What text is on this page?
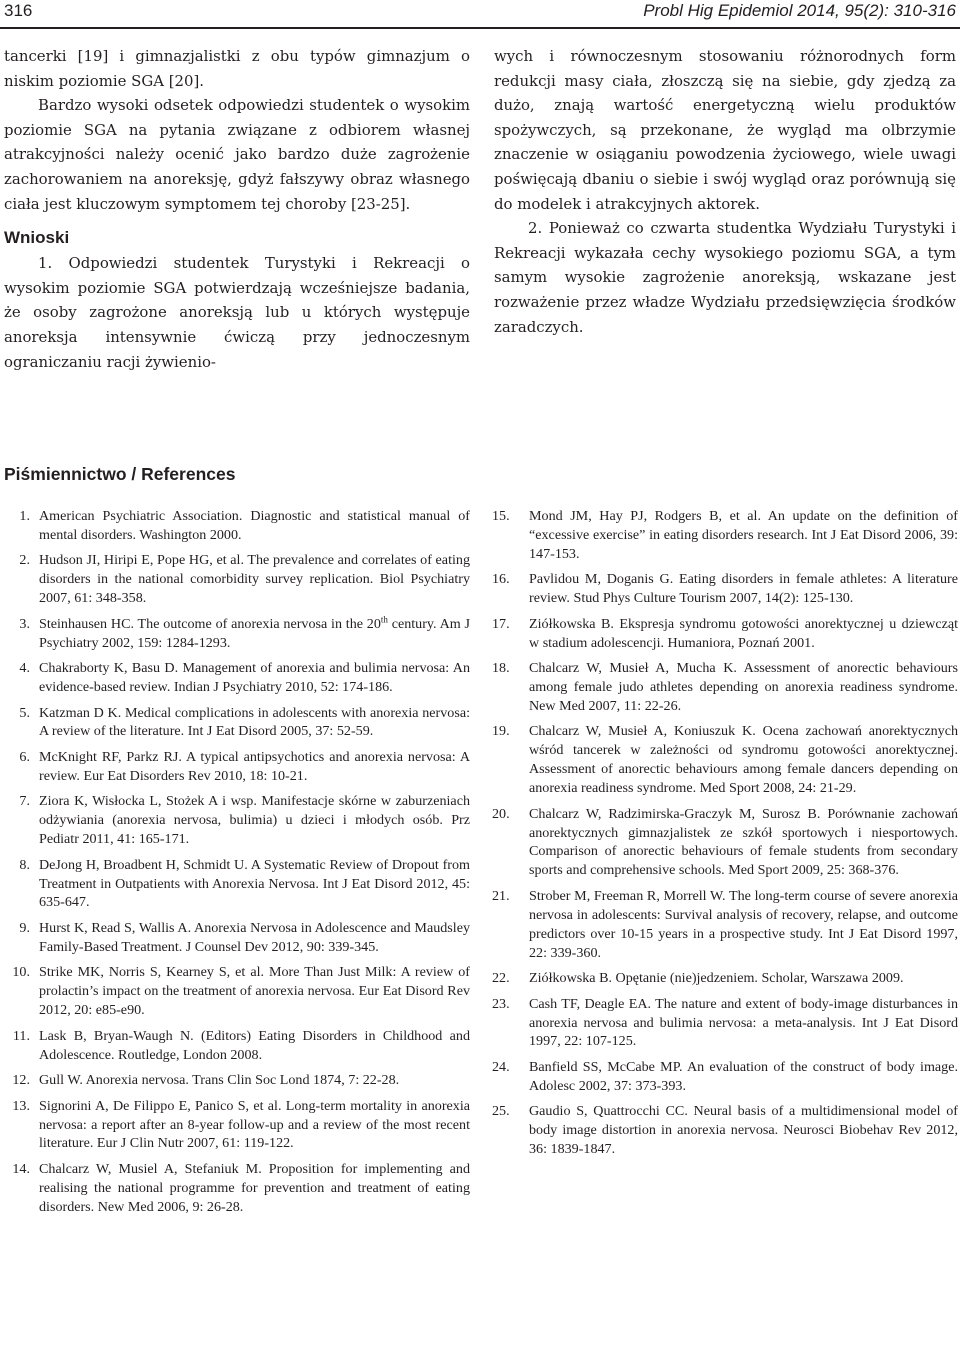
316	Probl Hig Epidemiol 2014, 95(2): 310-316

tancerki [19] i gimnazjalistki z obu typów gimnazjum o niskim poziomie SGA [20].

Bardzo wysoki odsetek odpowiedzi studentek o wysokim poziomie SGA na pytania związane z odbiorem własnej atrakcyjności należy ocenić jako bardzo duże zagrożenie zachorowaniem na anoreksję, gdyż fałszywy obraz własnego ciała jest kluczowym symptomem tej choroby [23-25].

Wnioski

1. Odpowiedzi studentek Turystyki i Rekreacji o wysokim poziomie SGA potwierdzają wcześniejsze badania, że osoby zagrożone anoreksją lub u których występuje anoreksja intensywnie ćwiczą przy jednoczesnym ograniczaniu racji żywienio-

wych i równoczesnym stosowaniu różnorodnych form redukcji masy ciała, złoszczą się na siebie, gdy zjedzą za dużo, znają wartość energetyczną wielu produktów spożywczych, są przekonane, że wygląd ma olbrzymie znaczenie w osiąganiu powodzenia życiowego, wiele uwagi poświęcają dbaniu o siebie i swój wygląd oraz porównują się do modelek i atrakcyjnych aktorek.

2. Ponieważ co czwarta studentka Wydziału Turystyki i Rekreacji wykazała cechy wysokiego poziomu SGA, a tym samym wysokie zagrożenie anoreksją, wskazane jest rozważenie przez władze Wydziału przedsięwzięcia środków zaradczych.

Piśmiennictwo / References
1. American Psychiatric Association. Diagnostic and statistical manual of mental disorders. Washington 2000.
2. Hudson JI, Hiripi E, Pope HG, et al. The prevalence and correlates of eating disorders in the national comorbidity survey replication. Biol Psychiatry 2007, 61: 348-358.
3. Steinhausen HC. The outcome of anorexia nervosa in the 20th century. Am J Psychiatry 2002, 159: 1284-1293.
4. Chakraborty K, Basu D. Management of anorexia and bulimia nervosa: An evidence-based review. Indian J Psychiatry 2010, 52: 174-186.
5. Katzman D K. Medical complications in adolescents with anorexia nervosa: A review of the literature. Int J Eat Disord 2005, 37: 52-59.
6. McKnight RF, Parkz RJ. A typical antipsychotics and anorexia nervosa: A review. Eur Eat Disorders Rev 2010, 18: 10-21.
7. Ziora K, Wisłocka L, Stożek A i wsp. Manifestacje skórne w zaburzeniach odżywiania (anorexia nervosa, bulimia) u dzieci i młodych osób. Prz Pediatr 2011, 41: 165-171.
8. DeJong H, Broadbent H, Schmidt U. A Systematic Review of Dropout from Treatment in Outpatients with Anorexia Nervosa. Int J Eat Disord 2012, 45: 635-647.
9. Hurst K, Read S, Wallis A. Anorexia Nervosa in Adolescence and Maudsley Family-Based Treatment. J Counsel Dev 2012, 90: 339-345.
10. Strike MK, Norris S, Kearney S, et al. More Than Just Milk: A review of prolactin’s impact on the treatment of anorexia nervosa. Eur Eat Disord Rev 2012, 20: e85-e90.
11. Lask B, Bryan-Waugh N. (Editors) Eating Disorders in Childhood and Adolescence. Routledge, London 2008.
12. Gull W. Anorexia nervosa. Trans Clin Soc Lond 1874, 7: 22-28.
13. Signorini A, De Filippo E, Panico S, et al. Long-term mortality in anorexia nervosa: a report after an 8-year follow-up and a review of the most recent literature. Eur J Clin Nutr 2007, 61: 119-122.
14. Chalcarz W, Musiel A, Stefaniuk M. Proposition for implementing and realising the national programme for prevention and treatment of eating disorders. New Med 2006, 9: 26-28.
15.	Mond JM, Hay PJ, Rodgers B, et al. An update on the definition of “excessive exercise” in eating disorders research. Int J Eat Disord 2006, 39: 147-153.
16.	Pavlidou M, Doganis G. Eating disorders in female athletes: A literature review. Stud Phys Culture Tourism 2007, 14(2): 125-130.
17.	Ziółkowska B. Ekspresja syndromu gotowości anorektycznej u dziewcząt w stadium adolescencji. Humaniora, Poznań 2001.
18.	Chalcarz W, Musieł A, Mucha K. Assessment of anorectic behaviours among female judo athletes depending on anorexia readiness syndrome. New Med 2007, 11: 22-26.
19.	Chalcarz W, Musieł A, Koniuszuk K. Ocena zachowań anorektycznych wśród tancerek w zależności od syndromu gotowości anorektycznej. Assessment of anorectic behaviours among female dancers depending on anorexia readiness syndrome. Med Sport 2008, 24: 21-29.
20.	Chalcarz W, Radzimirska-Graczyk M, Surosz B. Porównanie zachowań anorektycznych gimnazjalistek ze szkół sportowych i niesportowych. Comparison of anorectic behaviours of female students from secondary sports and comprehensive schools. Med Sport 2009, 25: 368-376.
21.	Strober M, Freeman R, Morrell W. The long-term course of severe anorexia nervosa in adolescents: Survival analysis of recovery, relapse, and outcome predictors over 10-15 years in a prospective study. Int J Eat Disord 1997, 22: 339-360.
22.	Ziółkowska B. Opętanie (nie)jedzeniem. Scholar, Warszawa 2009.
23.	Cash TF, Deagle EA. The nature and extent of body-image disturbances in anorexia nervosa and bulimia nervosa: a meta-analysis. Int J Eat Disord 1997, 22: 107-125.
24.	Banfield SS, McCabe MP. An evaluation of the construct of body image. Adolesc 2002, 37: 373-393.
25.	Gaudio S, Quattrocchi CC. Neural basis of a multidimensional model of body image distortion in anorexia nervosa. Neurosci Biobehav Rev 2012, 36: 1839-1847.
